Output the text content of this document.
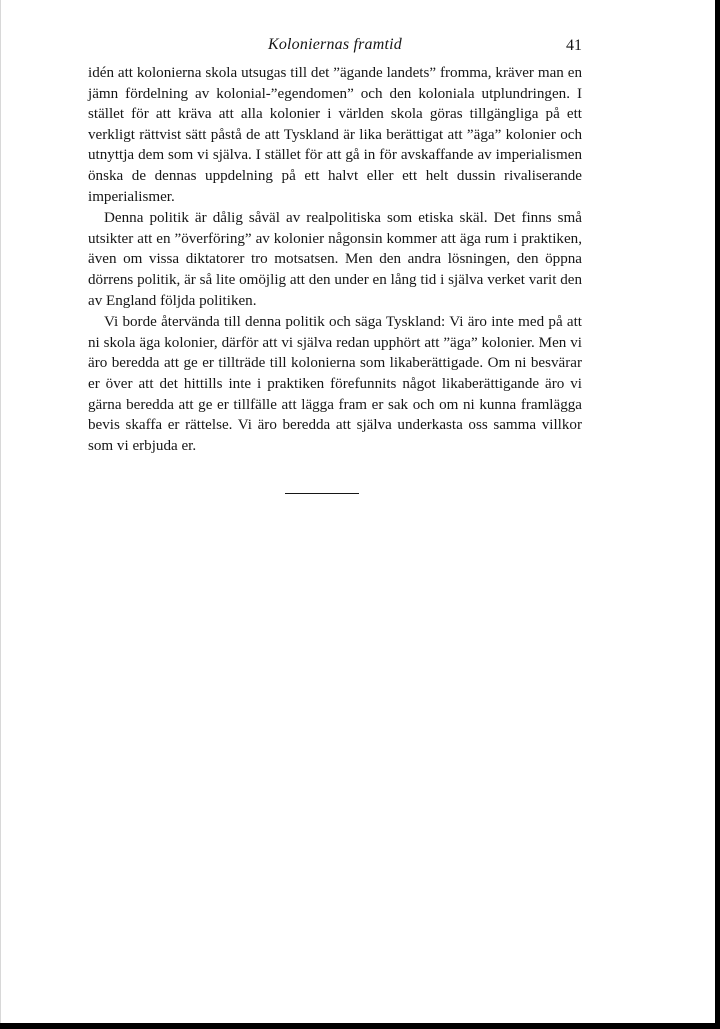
Koloniernas framtid	41

idén att kolonierna skola utsugas till det ”ägande landets” fromma, kräver man en jämn fördelning av kolonial-”egendomen” och den koloniala utplundringen. I stället för att kräva att alla kolonier i världen skola göras tillgängliga på ett verkligt rättvist sätt påstå de att Tyskland är lika berättigat att ”äga” kolonier och utnyttja dem som vi själva. I stället för att gå in för avskaffande av imperialismen önska de dennas uppdelning på ett halvt eller ett helt dussin rivaliserande imperialismer.

Denna politik är dålig såväl av realpolitiska som etiska skäl. Det finns små utsikter att en ”överföring” av kolonier någonsin kommer att äga rum i praktiken, även om vissa diktatorer tro motsatsen. Men den andra lösningen, den öppna dörrens politik, är så lite omöjlig att den under en lång tid i själva verket varit den av England följda politiken.

Vi borde återvända till denna politik och säga Tyskland: Vi äro inte med på att ni skola äga kolonier, därför att vi själva redan upphört att ”äga” kolonier. Men vi äro beredda att ge er tillträde till kolonierna som likaberättigade. Om ni besvärar er över att det hittills inte i praktiken förefunnits något likaberättigande äro vi gärna beredda att ge er tillfälle att lägga fram er sak och om ni kunna framlägga bevis skaffa er rättelse. Vi äro beredda att själva underkasta oss samma villkor som vi erbjuda er.
